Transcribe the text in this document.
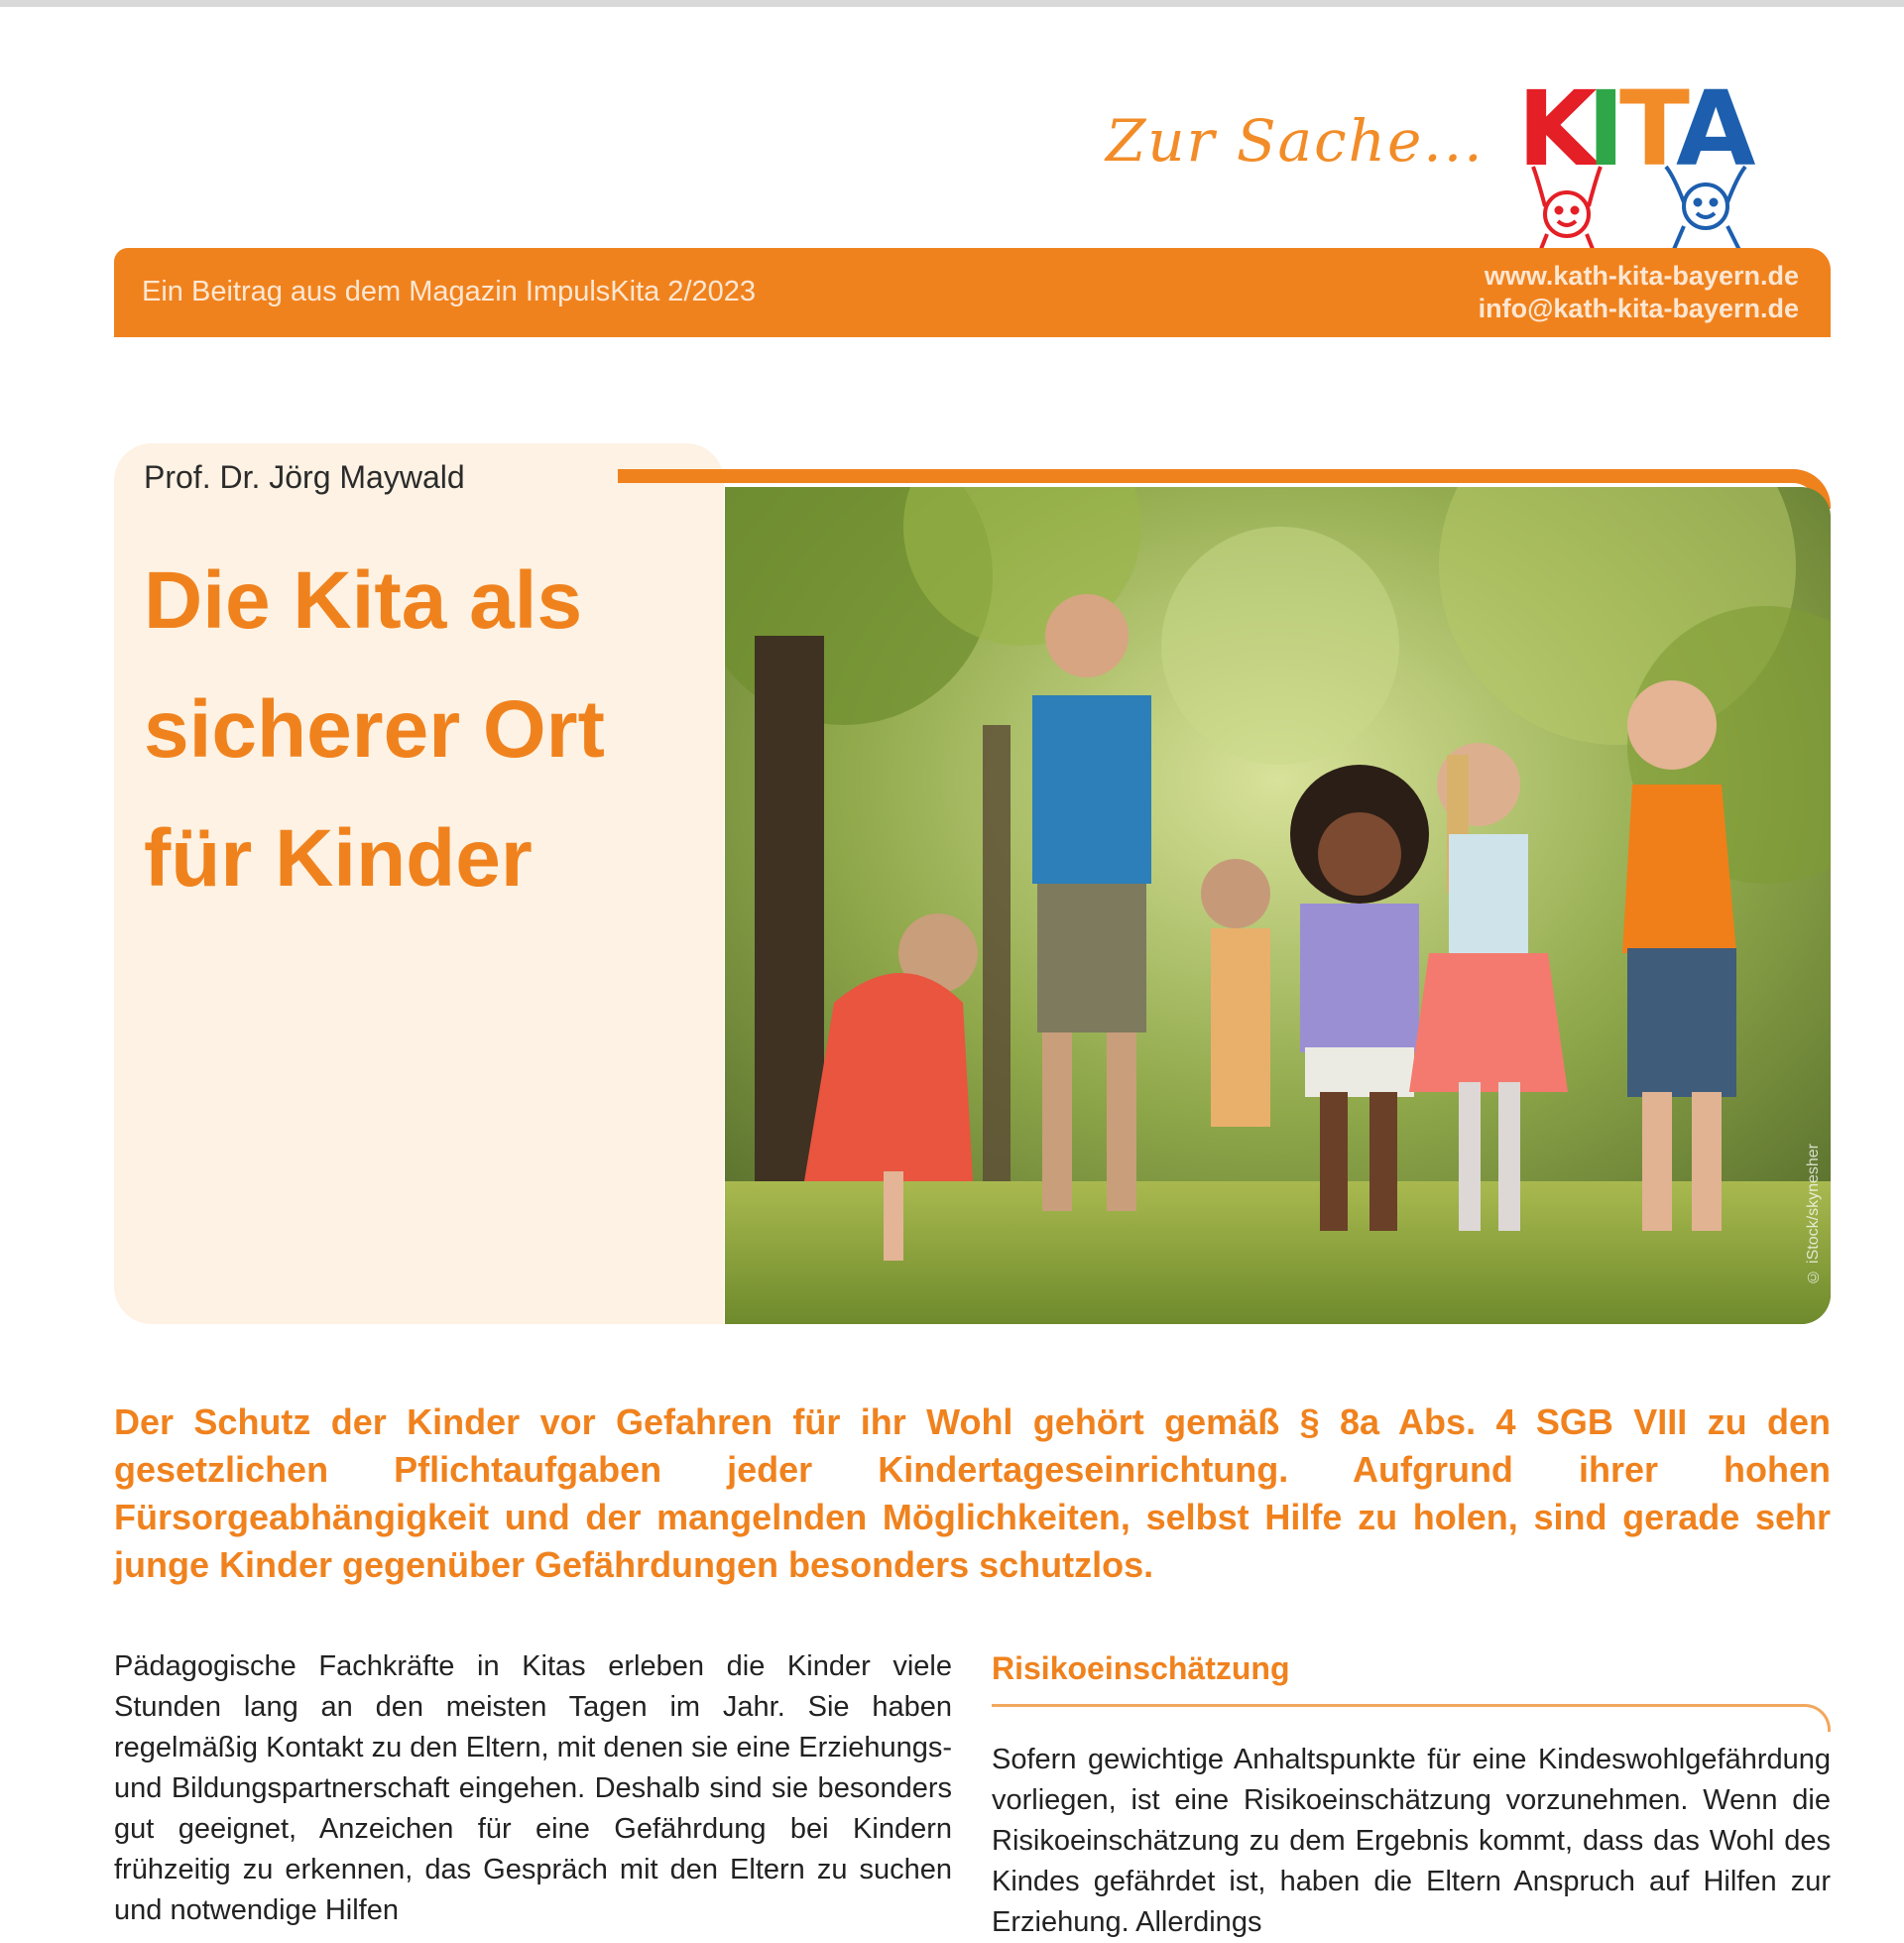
Zur Sache... K
I
T
A
Ein Beitrag aus dem Magazin ImpulsKita 2/2023	www.kath-kita-bayern.de
info@kath-kita-bayern.de
Prof. Dr. Jörg Maywald
Die Kita als
sicherer Ort
für Kinder
© iStock/skynesher
Der Schutz der Kinder vor Gefahren für ihr Wohl gehört gemäß § 8a Abs. 4 SGB VIII zu den gesetzlichen Pflichtaufgaben jeder Kindertageseinrichtung. Aufgrund ihrer hohen Fürsorgeabhängigkeit und der mangelnden Möglichkeiten, selbst Hilfe zu holen, sind gerade sehr junge Kinder gegenüber Gefährdungen besonders schutzlos.
Pädagogische Fachkräfte in Kitas erleben die Kinder viele Stunden lang an den meisten Tagen im Jahr. Sie haben regelmäßig Kontakt zu den Eltern, mit denen sie eine Erziehungs- und Bildungspartnerschaft eingehen. Deshalb sind sie besonders gut geeignet, Anzeichen für eine Gefährdung bei Kindern frühzeitig zu erkennen, das Gespräch mit den Eltern zu suchen und notwendige Hilfen
Risikoeinschätzung
Sofern gewichtige Anhaltspunkte für eine Kindeswohlgefährdung vorliegen, ist eine Risikoeinschätzung vorzunehmen. Wenn die Risikoeinschätzung zu dem Ergebnis kommt, dass das Wohl des Kindes gefährdet ist, haben die Eltern Anspruch auf Hilfen zur Erziehung. Allerdings
